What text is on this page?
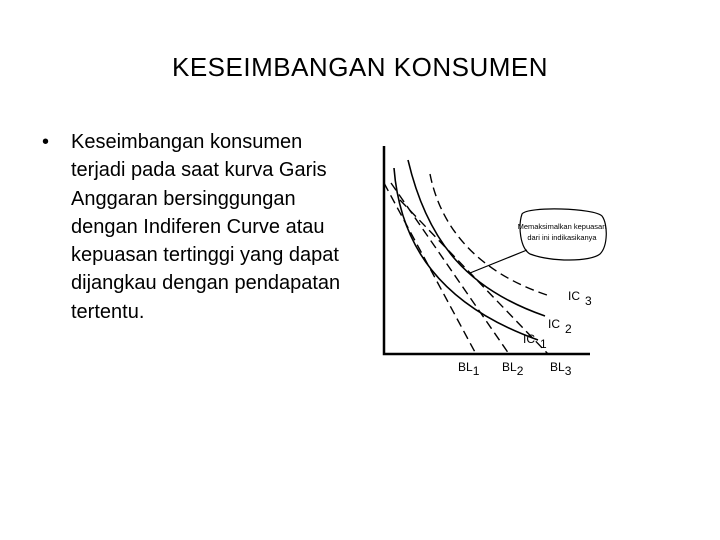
KESEIMBANGAN KONSUMEN
• Keseimbangan konsumen terjadi pada saat kurva Garis Anggaran bersinggungan dengan Indiferen Curve atau kepuasan tertinggi yang dapat dijangkau dengan pendapatan tertentu.
Memaksimalkan kepuasan
dari ini indikasikanya
IC 3
IC 2
IC 1
BL1 BL2 BL3
